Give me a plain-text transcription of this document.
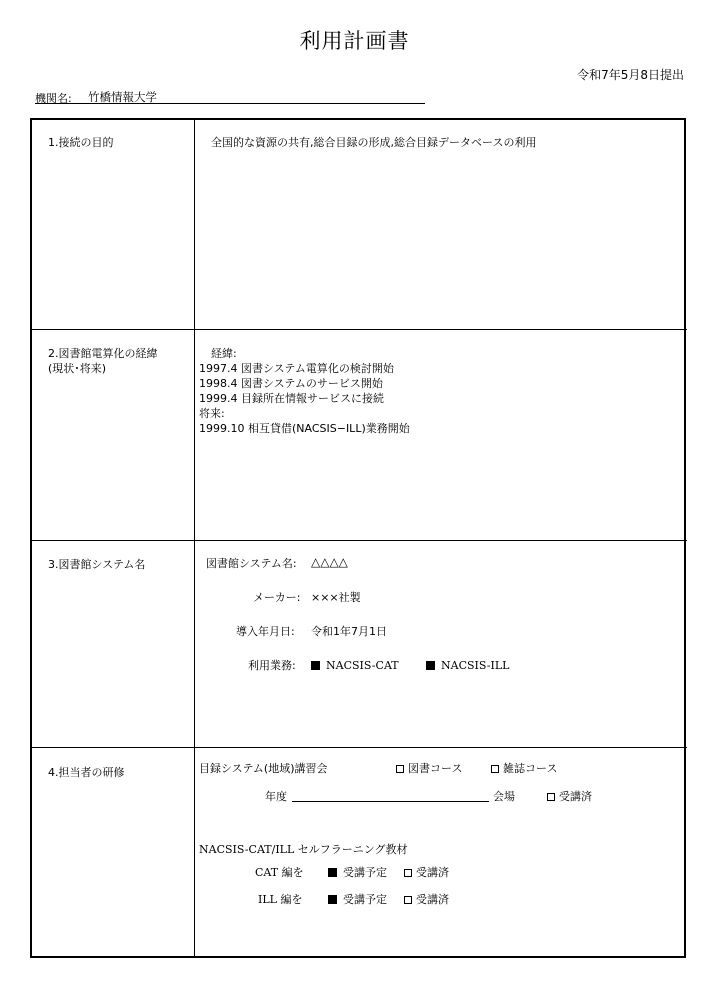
利用計画書
令和7年5月8日提出
機関名: 竹橋情報大学
1.接続の目的	全国的な資源の共有,総合目録の形成,総合目録データベースの利用
2.図書館電算化の経緯
(現状･将来)
経緯:
1997.4 図書システム電算化の検討開始
1998.4 図書システムのサービス開始
1999.4 目録所在情報サービスに接続
将来:
1999.10 相互貸借(NACSIS−ILL)業務開始
3.図書館システム名	図書館システム名: △△△△
メーカー: ×××社製
導入年月日: 令和1年7月1日
利用業務:	NACSIS-CAT	NACSIS-ILL
4.担当者の研修	目録システム(地域)講習会	図書コース	雑誌コース
年度	会場	受講済
NACSIS-CAT/ILL セルフラーニング教材
CAT 編を	受講予定	受講済
ILL 編を	受講予定	受講済
